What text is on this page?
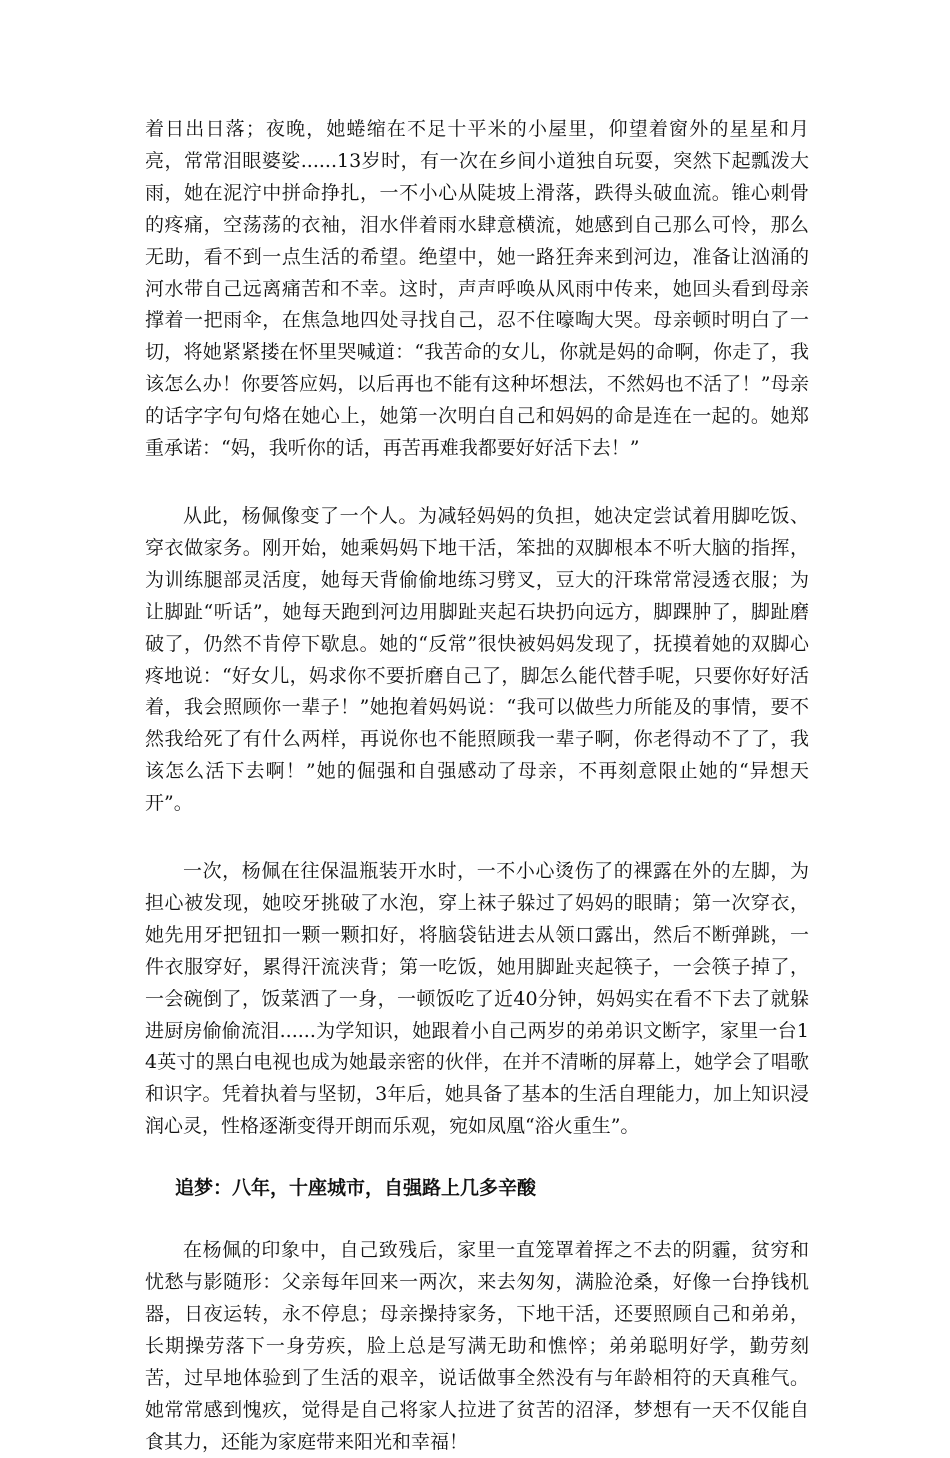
着日出日落；夜晚，她蜷缩在不足十平米的小屋里，仰望着窗外的星星和月亮，常常泪眼婆娑......13岁时，有一次在乡间小道独自玩耍，突然下起瓢泼大雨，她在泥泞中拼命挣扎，一不小心从陡坡上滑落，跌得头破血流。锥心刺骨的疼痛，空荡荡的衣袖，泪水伴着雨水肆意横流，她感到自己那么可怜，那么无助，看不到一点生活的希望。绝望中，她一路狂奔来到河边，准备让汹涌的河水带自己远离痛苦和不幸。这时，声声呼唤从风雨中传来，她回头看到母亲撑着一把雨伞，在焦急地四处寻找自己，忍不住嚎啕大哭。母亲顿时明白了一切，将她紧紧搂在怀里哭喊道：“我苦命的女儿，你就是妈的命啊，你走了，我该怎么办！你要答应妈，以后再也不能有这种坏想法，不然妈也不活了！”母亲的话字字句句烙在她心上，她第一次明白自己和妈妈的命是连在一起的。她郑重承诺：“妈，我听你的话，再苦再难我都要好好活下去！”

从此，杨佩像变了一个人。为减轻妈妈的负担，她决定尝试着用脚吃饭、穿衣做家务。刚开始，她乘妈妈下地干活，笨拙的双脚根本不听大脑的指挥，为训练腿部灵活度，她每天背偷偷地练习劈叉，豆大的汗珠常常浸透衣服；为让脚趾“听话”，她每天跑到河边用脚趾夹起石块扔向远方，脚踝肿了，脚趾磨破了，仍然不肯停下歇息。她的“反常”很快被妈妈发现了，抚摸着她的双脚心疼地说：“好女儿，妈求你不要折磨自己了，脚怎么能代替手呢，只要你好好活着，我会照顾你一辈子！”她抱着妈妈说：“我可以做些力所能及的事情，要不然我给死了有什么两样，再说你也不能照顾我一辈子啊，你老得动不了了，我该怎么活下去啊！”她的倔强和自强感动了母亲，不再刻意限止她的“异想天开”。

一次，杨佩在往保温瓶装开水时，一不小心烫伤了的裸露在外的左脚，为担心被发现，她咬牙挑破了水泡，穿上袜子躲过了妈妈的眼睛；第一次穿衣，她先用牙把钮扣一颗一颗扣好，将脑袋钻进去从领口露出，然后不断弹跳，一件衣服穿好，累得汗流浃背；第一吃饭，她用脚趾夹起筷子，一会筷子掉了，一会碗倒了，饭菜洒了一身，一顿饭吃了近40分钟，妈妈实在看不下去了就躲进厨房偷偷流泪......为学知识，她跟着小自己两岁的弟弟识文断字，家里一台14英寸的黑白电视也成为她最亲密的伙伴，在并不清晰的屏幕上，她学会了唱歌和识字。凭着执着与坚韧，3年后，她具备了基本的生活自理能力，加上知识浸润心灵，性格逐渐变得开朗而乐观，宛如凤凰“浴火重生”。

追梦：八年，十座城市，自强路上几多辛酸

在杨佩的印象中，自己致残后，家里一直笼罩着挥之不去的阴霾，贫穷和忧愁与影随形：父亲每年回来一两次，来去匆匆，满脸沧桑，好像一台挣钱机器，日夜运转，永不停息；母亲操持家务，下地干活，还要照顾自己和弟弟，长期操劳落下一身劳疾，脸上总是写满无助和憔悴；弟弟聪明好学，勤劳刻苦，过早地体验到了生活的艰辛，说话做事全然没有与年龄相符的天真稚气。她常常感到愧疚，觉得是自己将家人拉进了贫苦的沼泽，梦想有一天不仅能自食其力，还能为家庭带来阳光和幸福！
